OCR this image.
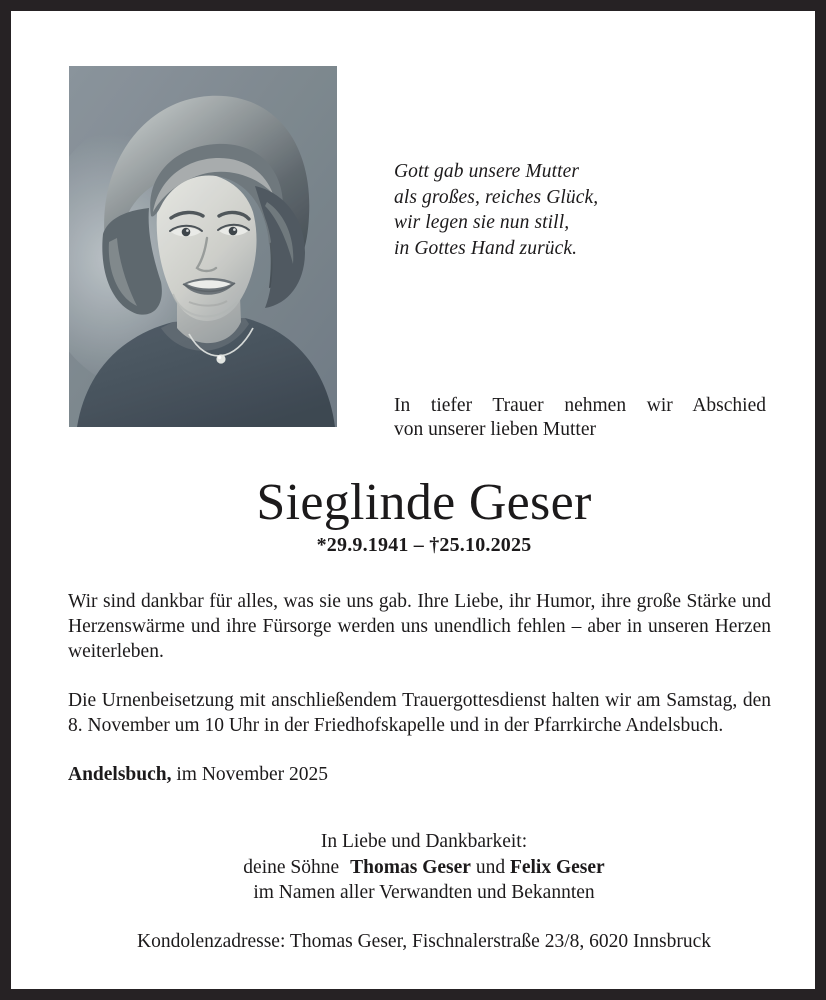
Gott gab unsere Mutter
als großes, reiches Glück,
wir legen sie nun still,
in Gottes Hand zurück.
In tiefer Trauer nehmen wir Abschied
von unserer lieben Mutter
Sieglinde Geser
*29.9.1941 – †25.10.2025

Wir sind dankbar für alles, was sie uns gab. Ihre Liebe, ihr Humor, ihre große Stärke und Herzenswärme und ihre Fürsorge werden uns unendlich fehlen – aber in unseren Herzen weiterleben.

Die Urnenbeisetzung mit anschließendem Trauergottesdienst halten wir am Samstag, den 8. November um 10 Uhr in der Friedhofskapelle und in der Pfarrkirche Andelsbuch.

Andelsbuch, im November 2025

In Liebe und Dankbarkeit:
deine Söhne Thomas Geser und Felix Geser
im Namen aller Verwandten und Bekannten
Kondolenzadresse: Thomas Geser, Fischnalerstraße 23/8, 6020 Innsbruck
